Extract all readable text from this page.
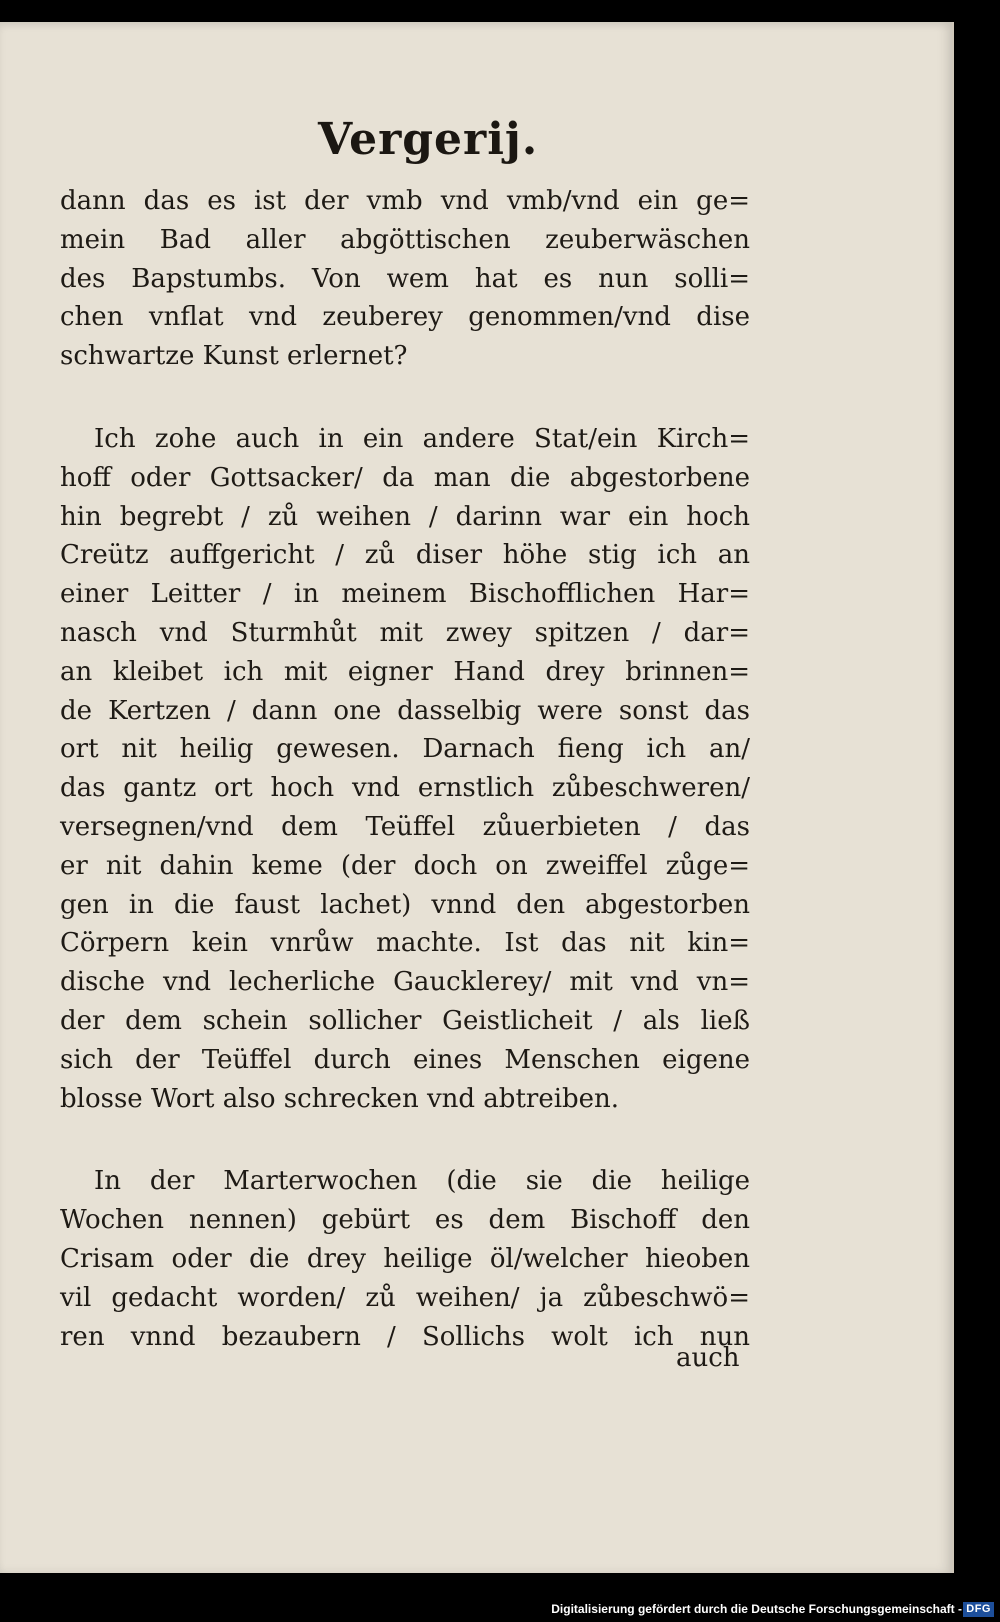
Vergerij.
dann das es ist der vmb vnd vmb/vnd ein ge=
mein Bad aller abgöttischen zeuberwäschen
des Bapstumbs. Von wem hat es nun solli=
chen vnflat vnd zeuberey genommen/vnd dise
schwartze Kunst erlernet?
Ich zohe auch in ein andere Stat/ein Kirch=
hoff oder Gottsacker/ da man die abgestorbene
hin begrebt / zů weihen / darinn war ein hoch
Creütz auffgericht / zů diser höhe stig ich an
einer Leitter / in meinem Bischofflichen Har=
nasch vnd Sturmhůt mit zwey spitzen / dar=
an kleibet ich mit eigner Hand drey brinnen=
de Kertzen / dann one dasselbig were sonst das
ort nit heilig gewesen. Darnach fieng ich an/
das gantz ort hoch vnd ernstlich zůbeschweren/
versegnen/vnd dem Teüffel zůuerbieten / das
er nit dahin keme (der doch on zweiffel zůge=
gen in die faust lachet) vnnd den abgestorben
Cörpern kein vnrůw machte. Ist das nit kin=
dische vnd lecherliche Gaucklerey/ mit vnd vn=
der dem schein sollicher Geistlicheit / als ließ
sich der Teüffel durch eines Menschen eigene
blosse Wort also schrecken vnd abtreiben.
In der Marterwochen (die sie die heilige
Wochen nennen) gebürt es dem Bischoff den
Crisam oder die drey heilige öl/welcher hieoben
vil gedacht worden/ zů weihen/ ja zůbeschwö=
ren vnnd bezaubern / Sollichs wolt ich nun
auch
Digitalisierung gefördert durch die Deutsche Forschungsgemeinschaft - DFG
